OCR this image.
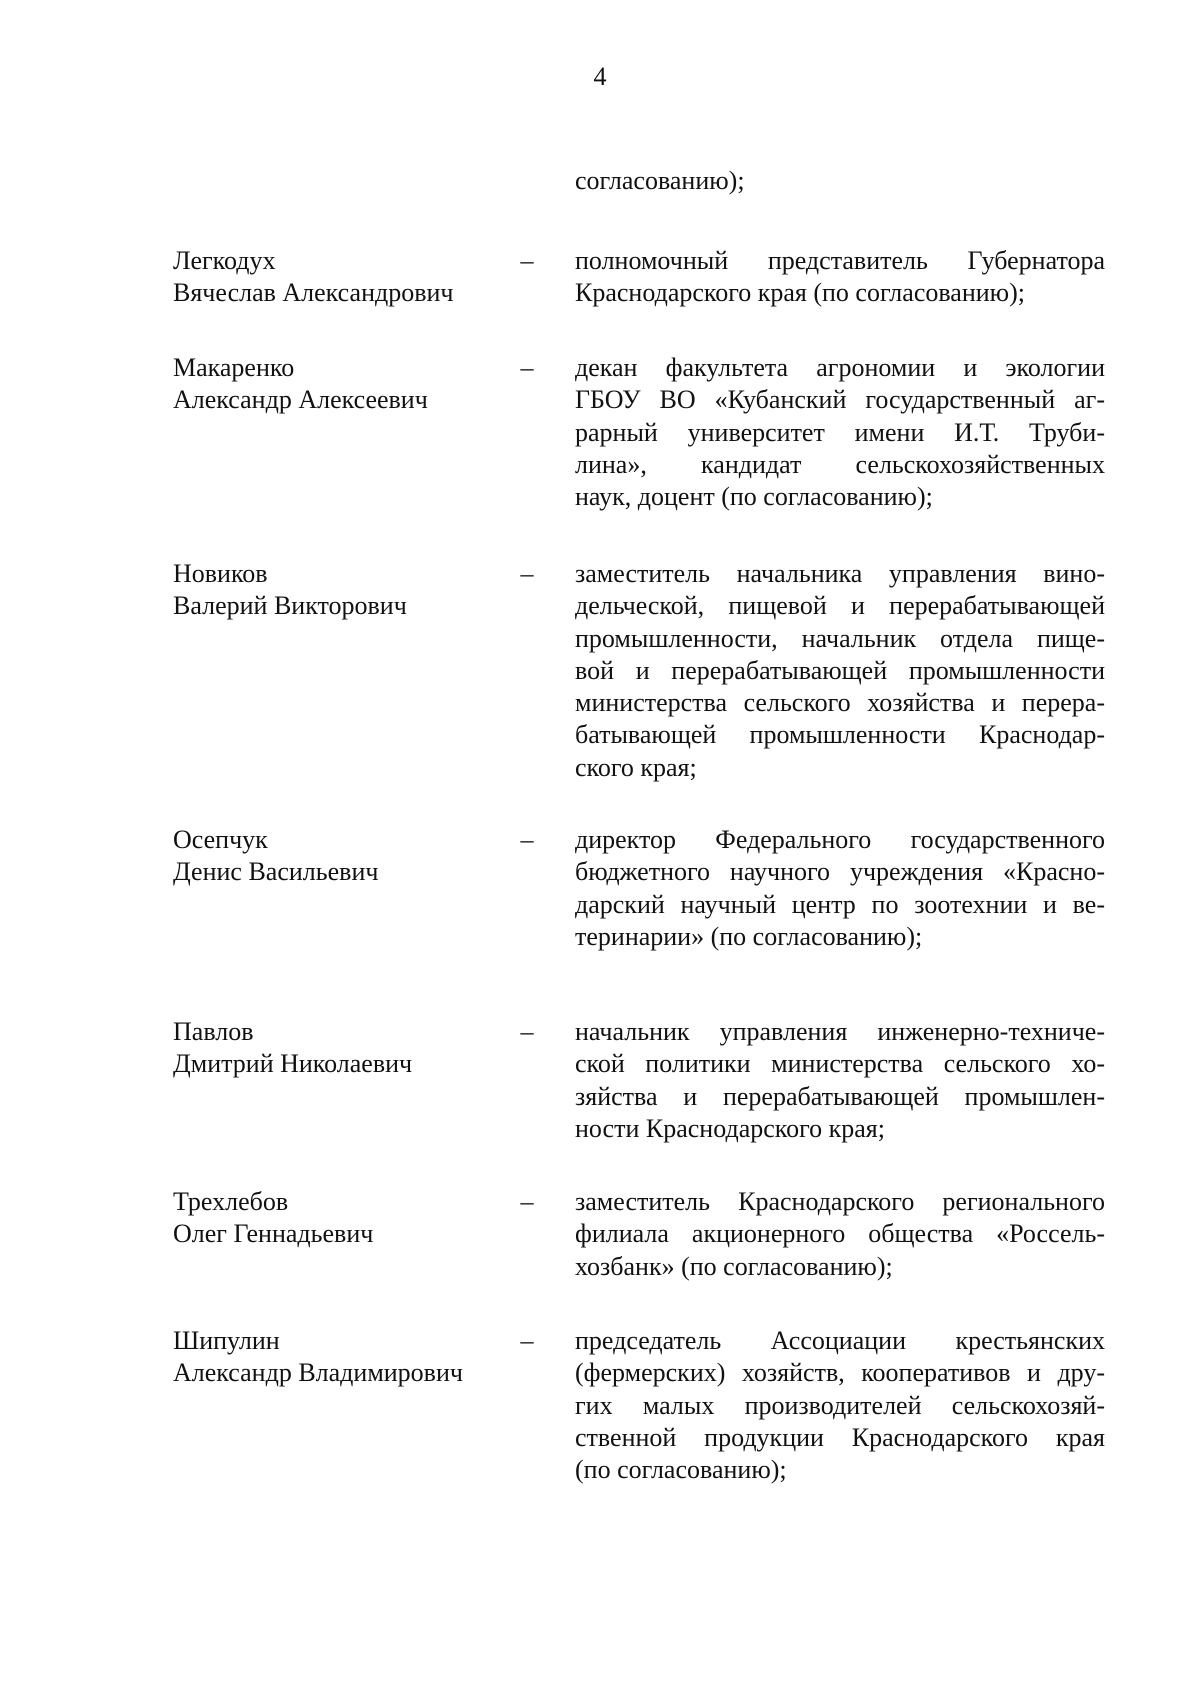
4
согласованию);
Легкодух
Вячеслав Александрович
–	полномочный представитель Губернатора
Краснодарского края (по согласованию);
Макаренко
Александр Алексеевич
–	декан факультета агрономии и экологии
ГБОУ ВО «Кубанский государственный аг-
рарный университет имени И.Т. Труби-
лина», кандидат сельскохозяйственных
наук, доцент (по согласованию);
Новиков
Валерий Викторович
–	заместитель начальника управления вино-
дельческой, пищевой и перерабатывающей
промышленности, начальник отдела пище-
вой и перерабатывающей промышленности
министерства сельского хозяйства и перера-
батывающей промышленности Краснодар-
ского края;
Осепчук
Денис Васильевич
–	директор Федерального государственного
бюджетного научного учреждения «Красно-
дарский научный центр по зоотехнии и ве-
теринарии» (по согласованию);
Павлов
Дмитрий Николаевич
–	начальник управления инженерно-техниче-
ской политики министерства сельского хо-
зяйства и перерабатывающей промышлен-
ности Краснодарского края;
Трехлебов
Олег Геннадьевич
–	заместитель Краснодарского регионального
филиала акционерного общества «Россель-
хозбанк» (по согласованию);
Шипулин
Александр Владимирович
–	председатель Ассоциации крестьянских
(фермерских) хозяйств, кооперативов и дру-
гих малых производителей сельскохозяй-
ственной продукции Краснодарского края
(по согласованию);
